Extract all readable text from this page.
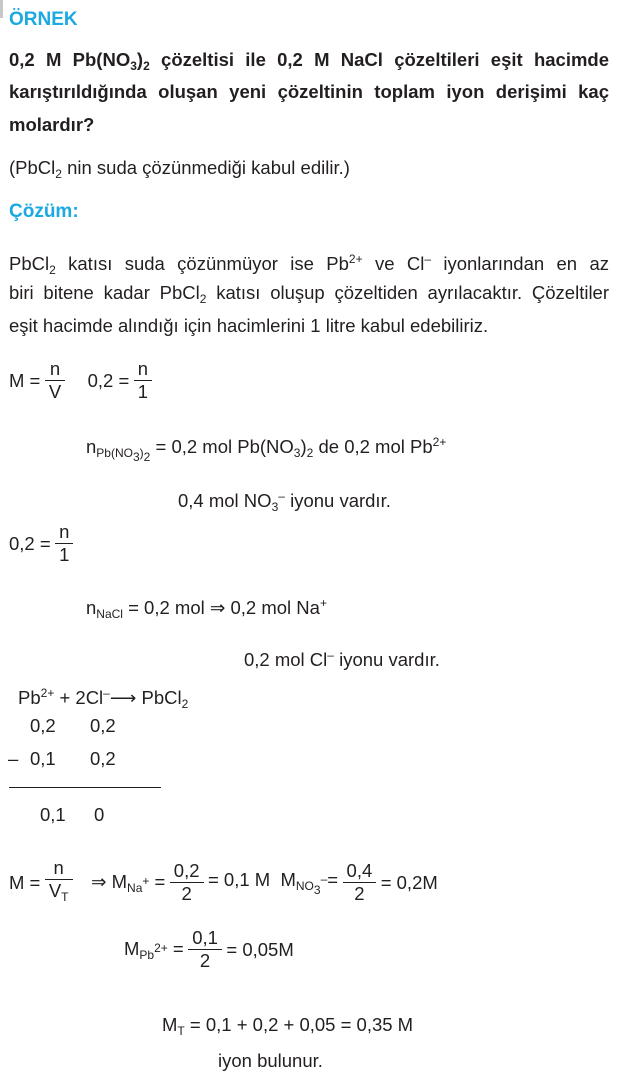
ÖRNEK
0,2 M $Pb(NO_3)_2$ çözeltisi ile 0,2 M NaCl çözeltileri eşit hacimde
karıştırıldığında oluşan yeni çözeltinin toplam iyon derişimi kaç
molardır?
(PbCl$_2$ nin suda çözünmediği kabul edilir.)
Çözüm:
PbCl$_2$ katısı suda çözünmüyor ise $Pb^{2+}$ ve Cl– iyonlarından en az
biri bitene kadar PbCl$_2$ katısı oluşup çözeltiden ayrılacaktır. Çözeltiler
eşit hacimde alındığı için hacimlerini 1 litre kabul edebiliriz.
$M = \frac{n}{V} 0,2 = \frac{n}{1}$
$n_{Pb(NO_3)_2} = 0,2$ mol $Pb(NO_3)_2$ de 0,2 mol $Pb^{2+}$
0,4 mol $NO_3^-$ iyonu vardır.
$0,2 = \frac{n}{1}$
$n_{NaCl} = 0,2$ mol ⇒ 0,2 mol Na+
0,2 mol Cl– iyonu vardır.
$Pb^{2+}$ + 2Cl–⟶ PbCl$_2$
0,2 0,2
– 0,1 0,2
0,1 0
$M = \frac{n}{V_T}$ ⇒ $M_{Na^+} = \frac{0,2}{2} = 0,1$ M $M_{NO_3^-}= \frac{0,4}{2} = 0,2M$
$M_{Pb^{2+}} = \frac{0,1}{2} = 0,05M$
$M_T = 0,1 + 0,2 + 0,05 = 0,35$ M
iyon bulunur.
